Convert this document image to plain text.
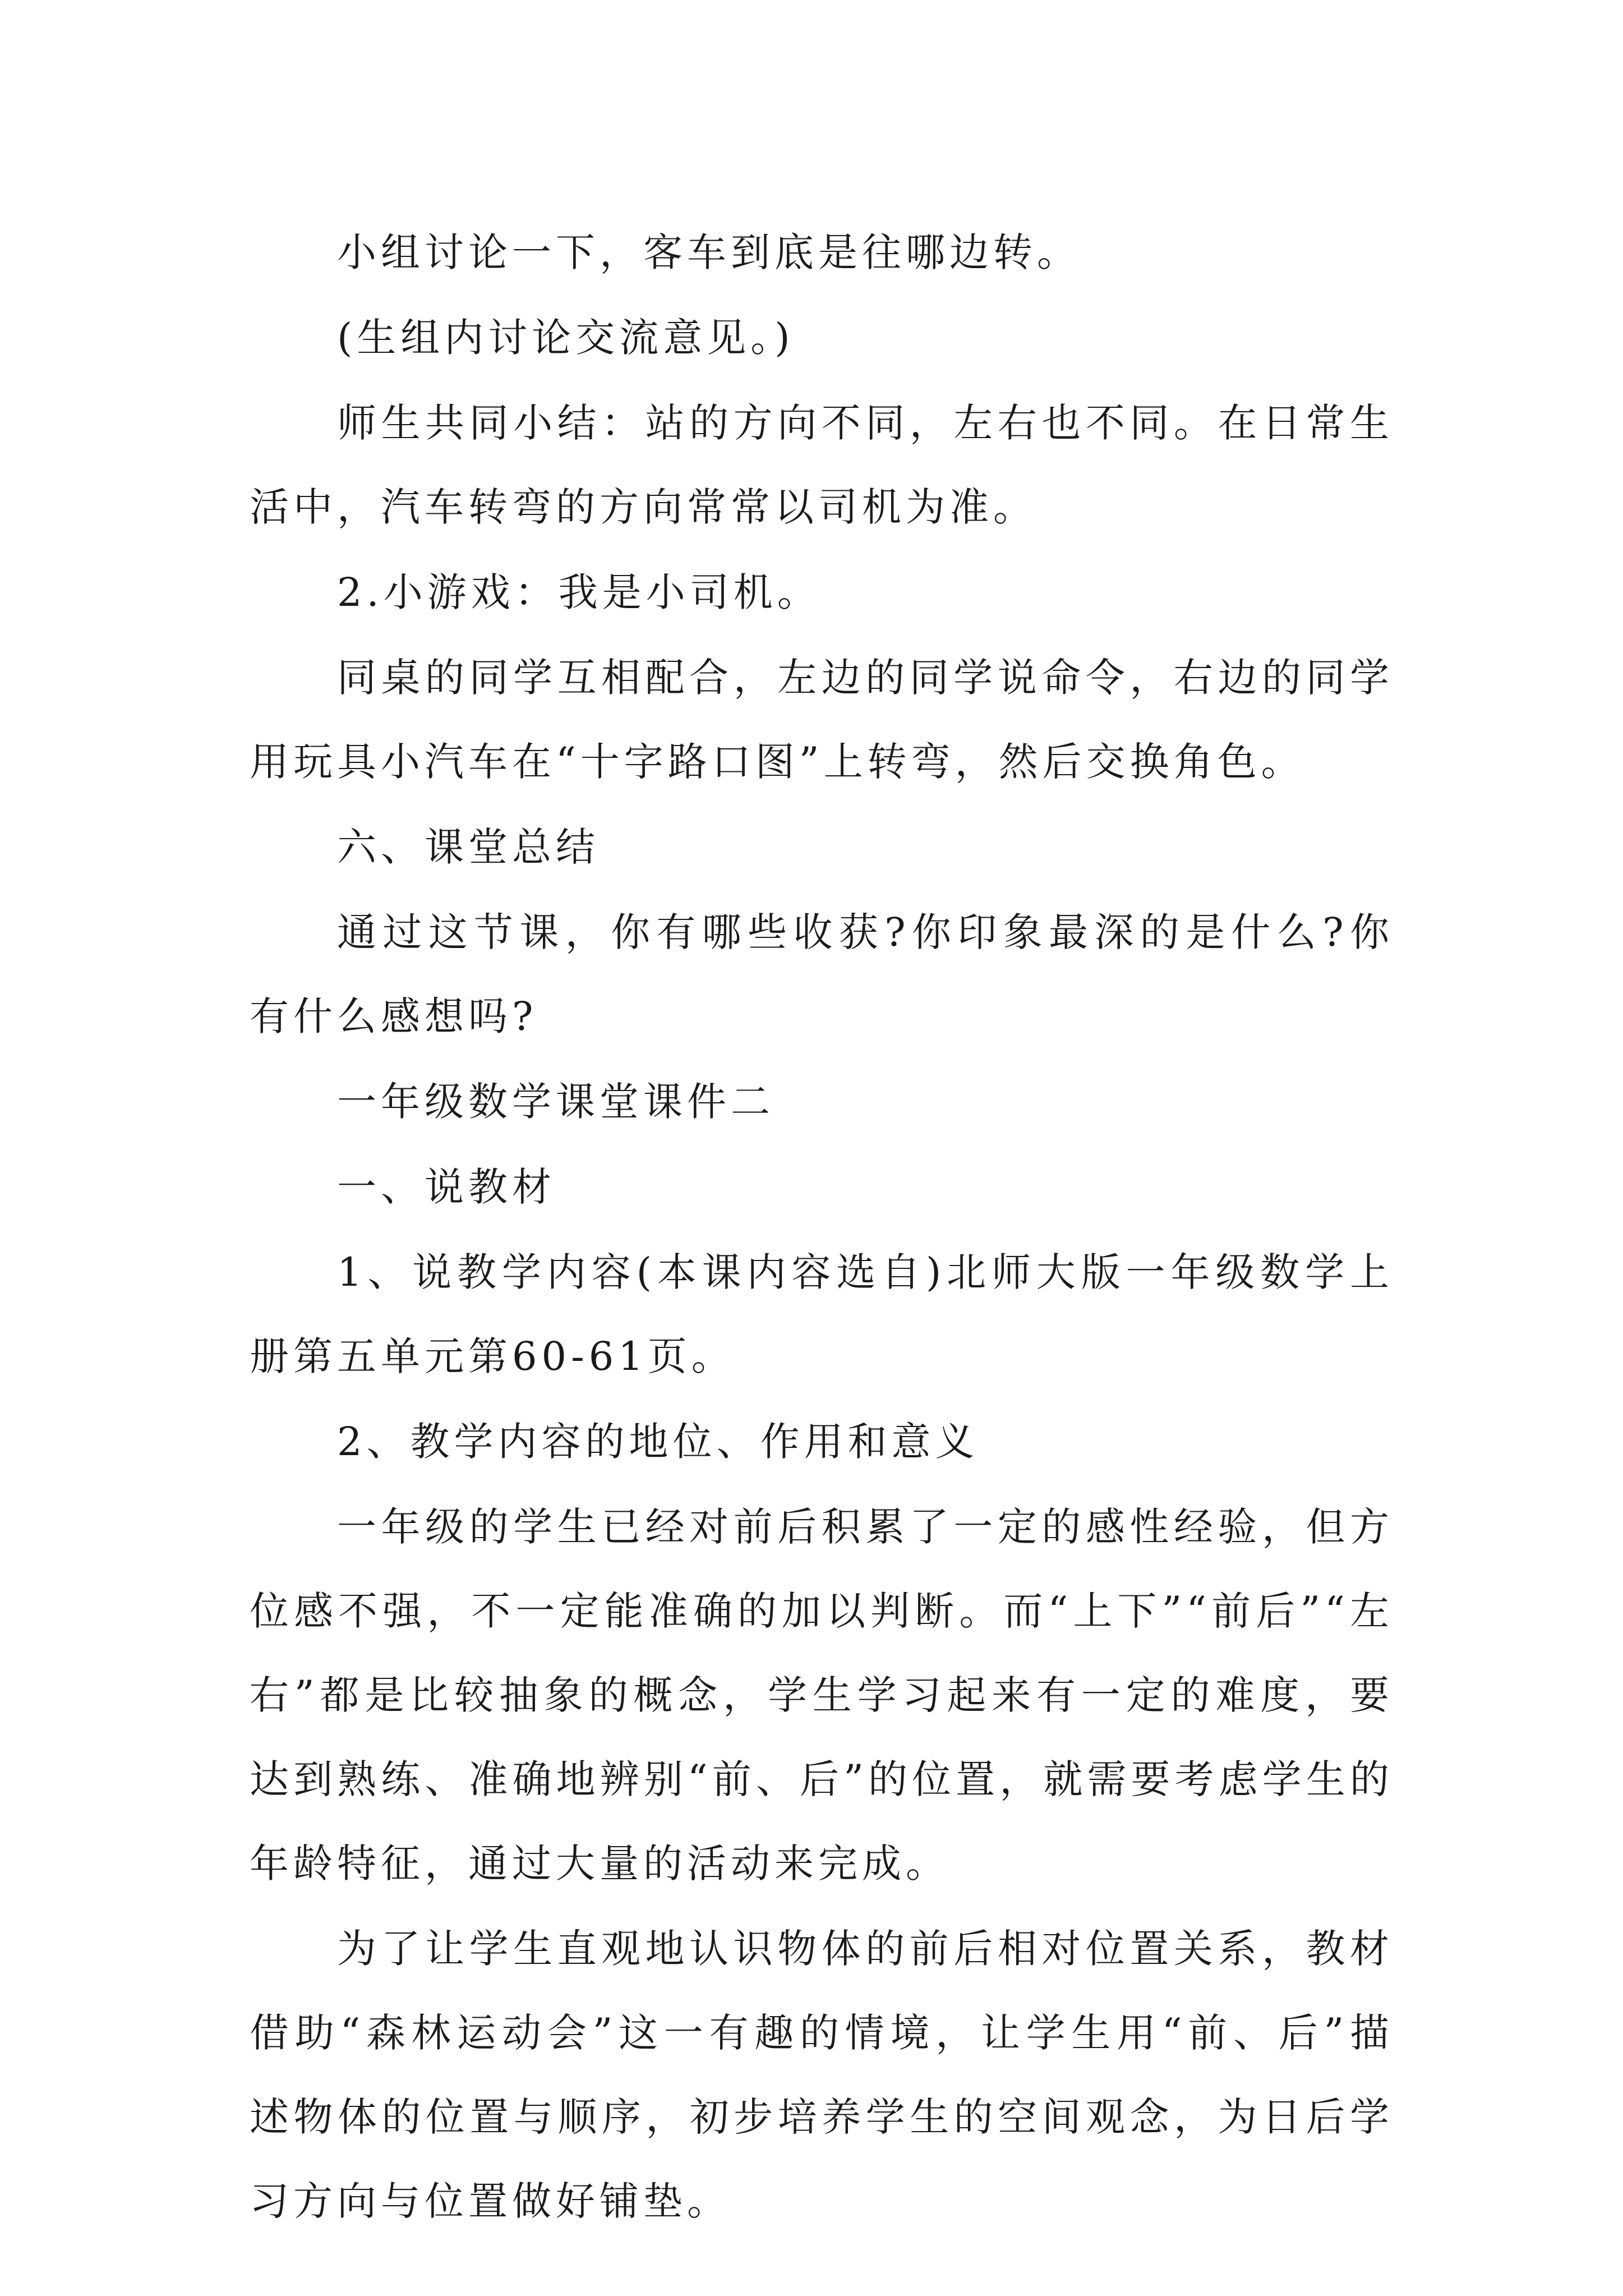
小组讨论一下，客车到底是往哪边转。

(生组内讨论交流意见。)

师生共同小结：站的方向不同，左右也不同。在日常生活中，汽车转弯的方向常常以司机为准。

2.小游戏：我是小司机。

同桌的同学互相配合，左边的同学说命令，右边的同学用玩具小汽车在“十字路口图”上转弯，然后交换角色。

六、课堂总结

通过这节课，你有哪些收获?你印象最深的是什么?你有什么感想吗?

一年级数学课堂课件二

一、说教材

1、说教学内容(本课内容选自)北师大版一年级数学上册第五单元第60-61页。

2、教学内容的地位、作用和意义

一年级的学生已经对前后积累了一定的感性经验，但方位感不强，不一定能准确的加以判断。而“上下”“前后”“左右”都是比较抽象的概念，学生学习起来有一定的难度，要达到熟练、准确地辨别“前、后”的位置，就需要考虑学生的年龄特征，通过大量的活动来完成。

为了让学生直观地认识物体的前后相对位置关系，教材借助“森林运动会”这一有趣的情境，让学生用“前、后”描述物体的位置与顺序，初步培养学生的空间观念，为日后学习方向与位置做好铺垫。
